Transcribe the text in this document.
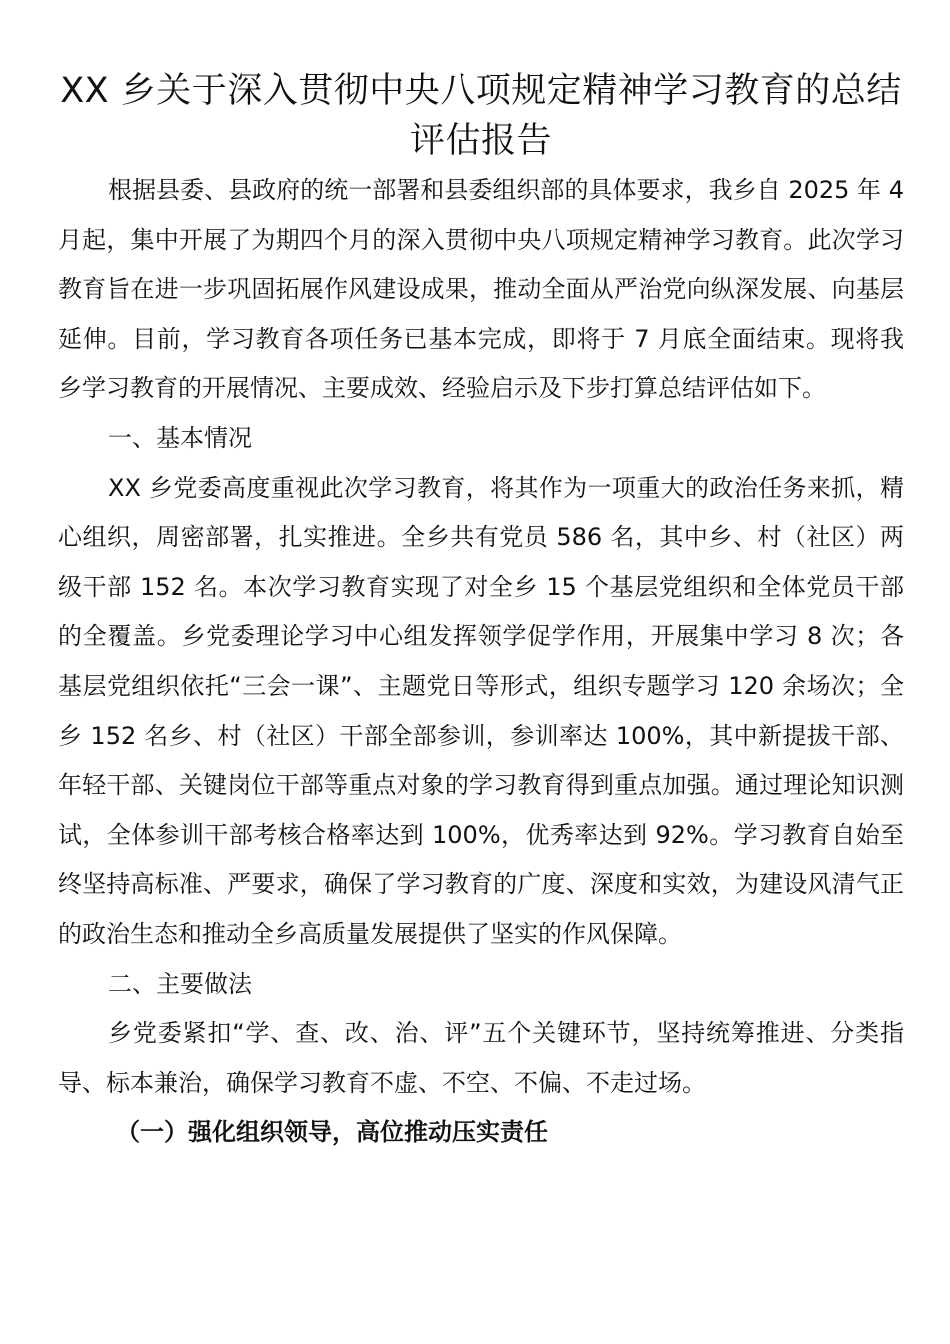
XX 乡关于深入贯彻中央八项规定精神学习教育的总结评估报告

根据县委、县政府的统一部署和县委组织部的具体要求，我乡自 2025 年 4 月起，集中开展了为期四个月的深入贯彻中央八项规定精神学习教育。此次学习教育旨在进一步巩固拓展作风建设成果，推动全面从严治党向纵深发展、向基层延伸。目前，学习教育各项任务已基本完成，即将于 7 月底全面结束。现将我乡学习教育的开展情况、主要成效、经验启示及下步打算总结评估如下。

一、基本情况

XX 乡党委高度重视此次学习教育，将其作为一项重大的政治任务来抓，精心组织，周密部署，扎实推进。全乡共有党员 586 名，其中乡、村（社区）两级干部 152 名。本次学习教育实现了对全乡 15 个基层党组织和全体党员干部的全覆盖。乡党委理论学习中心组发挥领学促学作用，开展集中学习 8 次；各基层党组织依托“三会一课”、主题党日等形式，组织专题学习 120 余场次；全乡 152 名乡、村（社区）干部全部参训，参训率达 100%，其中新提拔干部、年轻干部、关键岗位干部等重点对象的学习教育得到重点加强。通过理论知识测试，全体参训干部考核合格率达到 100%，优秀率达到 92%。学习教育自始至终坚持高标准、严要求，确保了学习教育的广度、深度和实效，为建设风清气正的政治生态和推动全乡高质量发展提供了坚实的作风保障。

二、主要做法

乡党委紧扣“学、查、改、治、评”五个关键环节，坚持统筹推进、分类指导、标本兼治，确保学习教育不虚、不空、不偏、不走过场。

（一）强化组织领导，高位推动压实责任
